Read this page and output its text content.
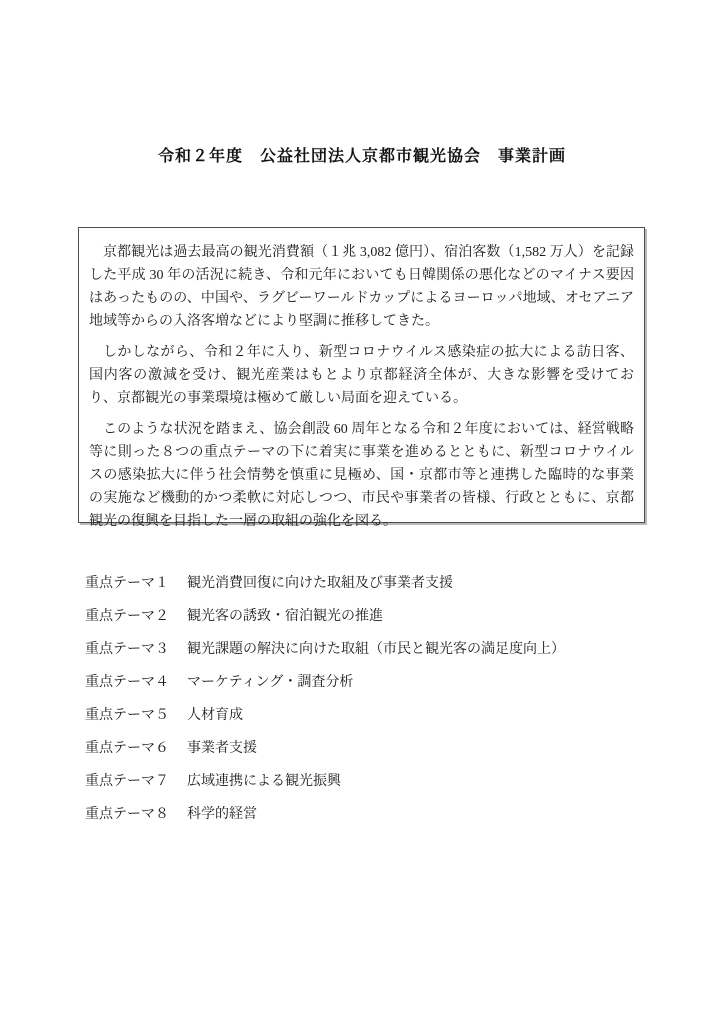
令和２年度　公益社団法人京都市観光協会　事業計画

京都観光は過去最高の観光消費額（１兆 3,082 億円）、宿泊客数（1,582 万人）を記録した平成 30 年の活況に続き、令和元年においても日韓関係の悪化などのマイナス要因はあったものの、中国や、ラグビーワールドカップによるヨーロッパ地域、オセアニア地域等からの入洛客増などにより堅調に推移してきた。

しかしながら、令和２年に入り、新型コロナウイルス感染症の拡大による訪日客、国内客の激減を受け、観光産業はもとより京都経済全体が、大きな影響を受けており、京都観光の事業環境は極めて厳しい局面を迎えている。

このような状況を踏まえ、協会創設 60 周年となる令和２年度においては、経営戦略等に則った８つの重点テーマの下に着実に事業を進めるとともに、新型コロナウイルスの感染拡大に伴う社会情勢を慎重に見極め、国・京都市等と連携した臨時的な事業の実施など機動的かつ柔軟に対応しつつ、市民や事業者の皆様、行政とともに、京都観光の復興を目指した一層の取組の強化を図る。

重点テーマ１	観光消費回復に向けた取組及び事業者支援
重点テーマ２	観光客の誘致・宿泊観光の推進
重点テーマ３	観光課題の解決に向けた取組（市民と観光客の満足度向上）
重点テーマ４	マーケティング・調査分析
重点テーマ５	人材育成
重点テーマ６	事業者支援
重点テーマ７	広域連携による観光振興
重点テーマ８	科学的経営
